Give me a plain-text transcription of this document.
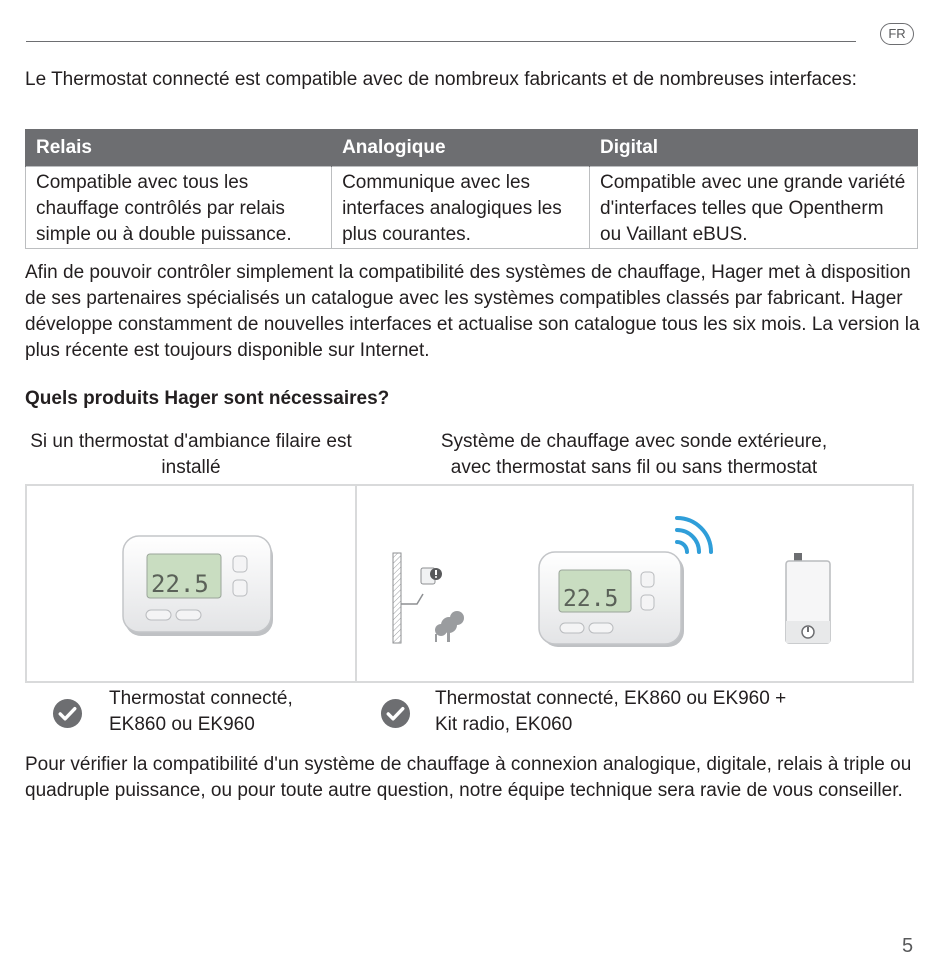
FR

Le Thermostat connecté est compatible avec de nombreux fabricants et de nombreuses interfaces:

Relais	Analogique	Digital
Compatible avec tous les chauffage contrôlés par relais simple ou à double puissance.	Communique avec les interfaces analogiques les plus courantes.	Compatible avec une grande variété d'interfaces telles que Opentherm ou Vaillant eBUS.

Afin de pouvoir contrôler simplement la compatibilité des systèmes de chauffage, Hager met à disposition de ses partenaires spécialisés un catalogue avec les systèmes compatibles classés par fabricant. Hager développe constamment de nouvelles interfaces et actualise son catalogue tous les six mois. La version la plus récente est toujours disponible sur Internet.

Quels produits Hager sont nécessaires?
Si un thermostat d'ambiance filaire est installé
Système de chauffage avec sonde extérieure,
avec thermostat sans fil ou sans thermostat
22.5
22.5
Thermostat connecté,
EK860 ou EK960
Thermostat connecté, EK860 ou EK960 +
Kit radio, EK060

Pour vérifier la compatibilité d'un système de chauffage à connexion analogique, digitale, relais à triple ou quadruple puissance, ou pour toute autre question, notre équipe technique sera ravie de vous conseiller.

5
